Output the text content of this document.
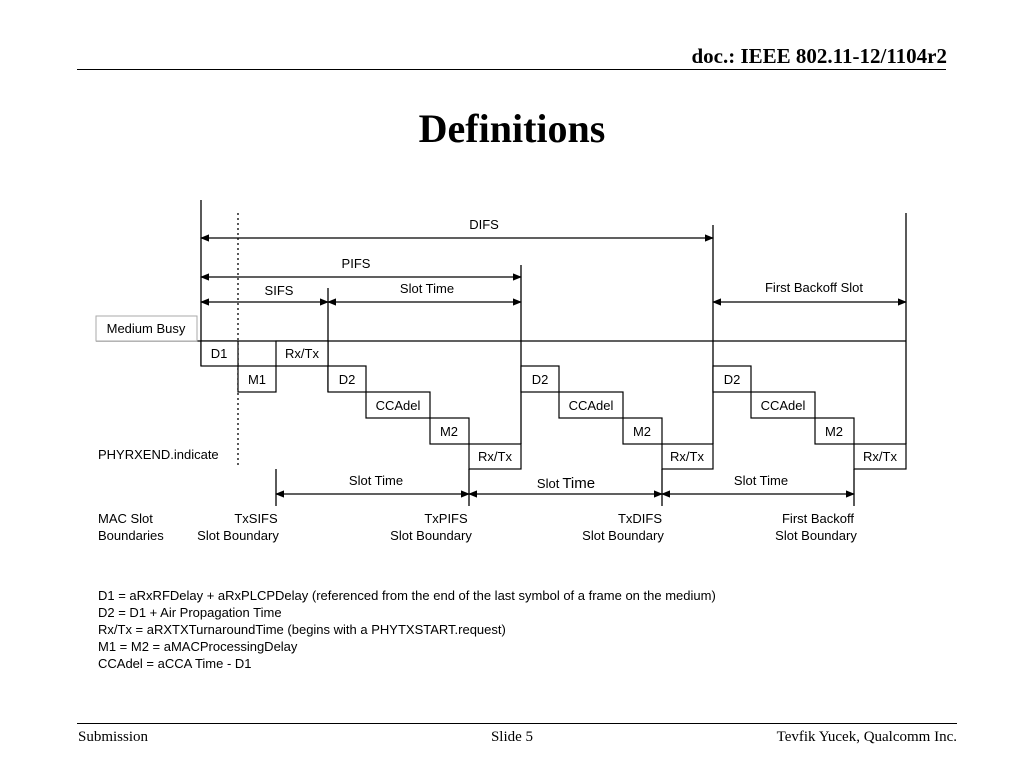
doc.: IEEE 802.11-12/1104r2
Definitions
DIFS
PIFS
SIFS	Slot Time	First Backoff Slot
Medium Busy
D1
M1
Rx/Tx
D2
CCAdel
M2
Rx/Tx
D2
CCAdel
M2
Rx/Tx
D2
CCAdel
M2
Rx/Tx
PHYRXEND.indicate
Slot Time	Slot Time	Slot Time
MAC Slot
Boundaries
TxSIFS
Slot Boundary
TxPIFS
Slot Boundary
TxDIFS
Slot Boundary
First Backoff
Slot Boundary
D1 = aRxRFDelay + aRxPLCPDelay (referenced from the end of the last symbol of a frame on the medium)
D2 = D1 + Air Propagation Time
Rx/Tx = aRXTXTurnaroundTime (begins with a PHYTXSTART.request)
M1 = M2 = aMACProcessingDelay
CCAdel = aCCA Time - D1
Submission	Slide 5	Tevfik Yucek, Qualcomm Inc.
